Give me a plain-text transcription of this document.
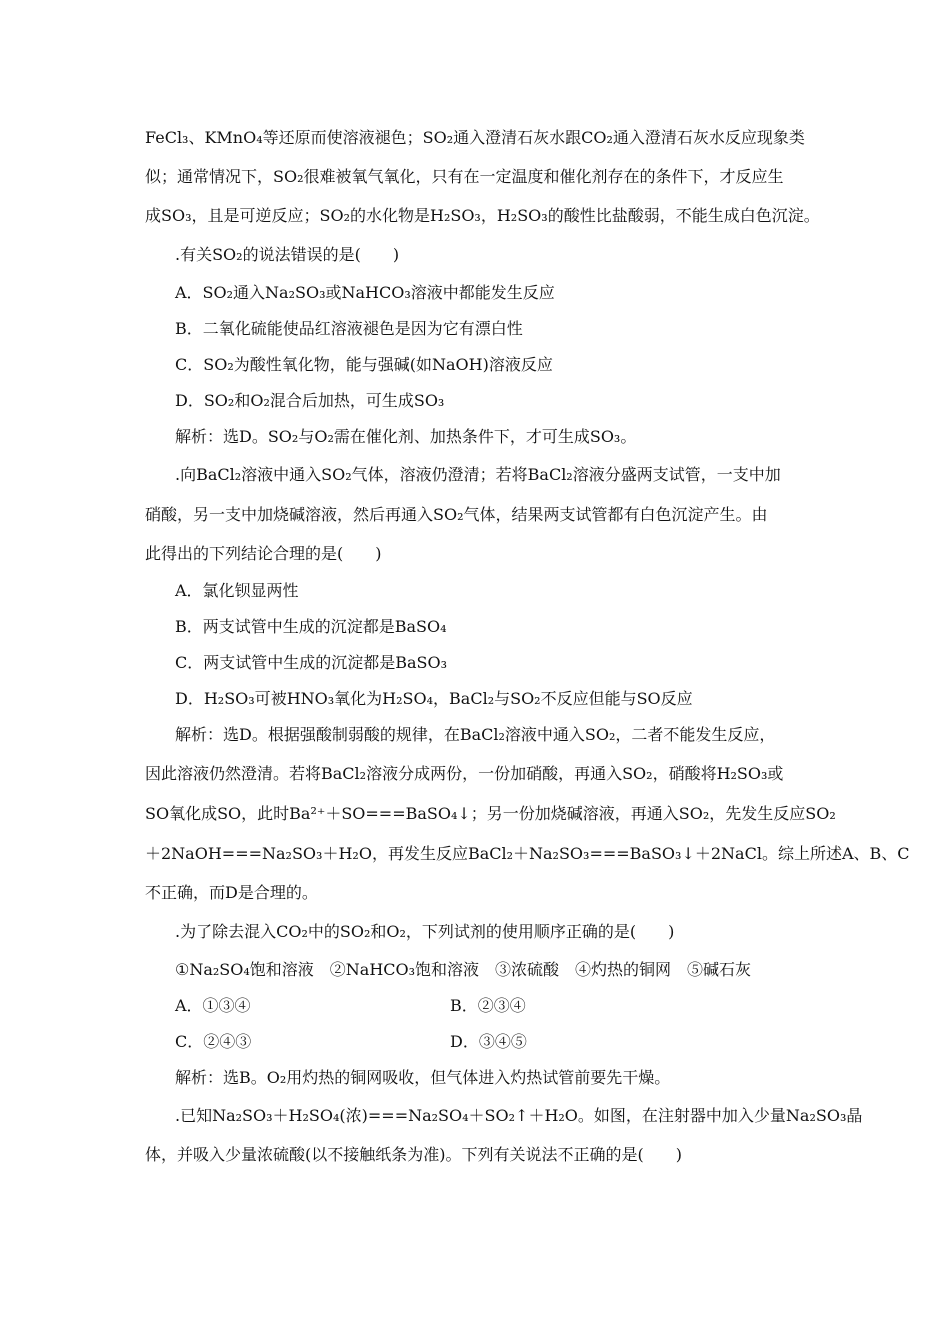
FeCl₃、KMnO₄等还原而使溶液褪色；SO₂通入澄清石灰水跟CO₂通入澄清石灰水反应现象类
似；通常情况下，SO₂很难被氧气氧化，只有在一定温度和催化剂存在的条件下，才反应生
成SO₃，且是可逆反应；SO₂的水化物是H₂SO₃，H₂SO₃的酸性比盐酸弱，不能生成白色沉淀。
.有关SO₂的说法错误的是(　　)
A．SO₂通入Na₂SO₃或NaHCO₃溶液中都能发生反应
B．二氧化硫能使品红溶液褪色是因为它有漂白性
C．SO₂为酸性氧化物，能与强碱(如NaOH)溶液反应
D．SO₂和O₂混合后加热，可生成SO₃
解析：选D。SO₂与O₂需在催化剂、加热条件下，才可生成SO₃。
.向BaCl₂溶液中通入SO₂气体，溶液仍澄清；若将BaCl₂溶液分盛两支试管，一支中加
硝酸，另一支中加烧碱溶液，然后再通入SO₂气体，结果两支试管都有白色沉淀产生。由
此得出的下列结论合理的是(　　)
A．氯化钡显两性
B．两支试管中生成的沉淀都是BaSO₄
C．两支试管中生成的沉淀都是BaSO₃
D．H₂SO₃可被HNO₃氧化为H₂SO₄，BaCl₂与SO₂不反应但能与SO反应
解析：选D。根据强酸制弱酸的规律，在BaCl₂溶液中通入SO₂，二者不能发生反应，
因此溶液仍然澄清。若将BaCl₂溶液分成两份，一份加硝酸，再通入SO₂，硝酸将H₂SO₃或
SO氧化成SO，此时Ba²⁺＋SO===BaSO₄↓；另一份加烧碱溶液，再通入SO₂，先发生反应SO₂
＋2NaOH===Na₂SO₃＋H₂O，再发生反应BaCl₂＋Na₂SO₃===BaSO₃↓＋2NaCl。综上所述A、B、C
不正确，而D是合理的。
.为了除去混入CO₂中的SO₂和O₂，下列试剂的使用顺序正确的是(　　)
①Na₂SO₄饱和溶液　②NaHCO₃饱和溶液　③浓硫酸　④灼热的铜网　⑤碱石灰
A．①③④	B．②③④
C．②④③	D．③④⑤
解析：选B。O₂用灼热的铜网吸收，但气体进入灼热试管前要先干燥。
.已知Na₂SO₃＋H₂SO₄(浓)===Na₂SO₄＋SO₂↑＋H₂O。如图，在注射器中加入少量Na₂SO₃晶
体，并吸入少量浓硫酸(以不接触纸条为准)。下列有关说法不正确的是(　　)
